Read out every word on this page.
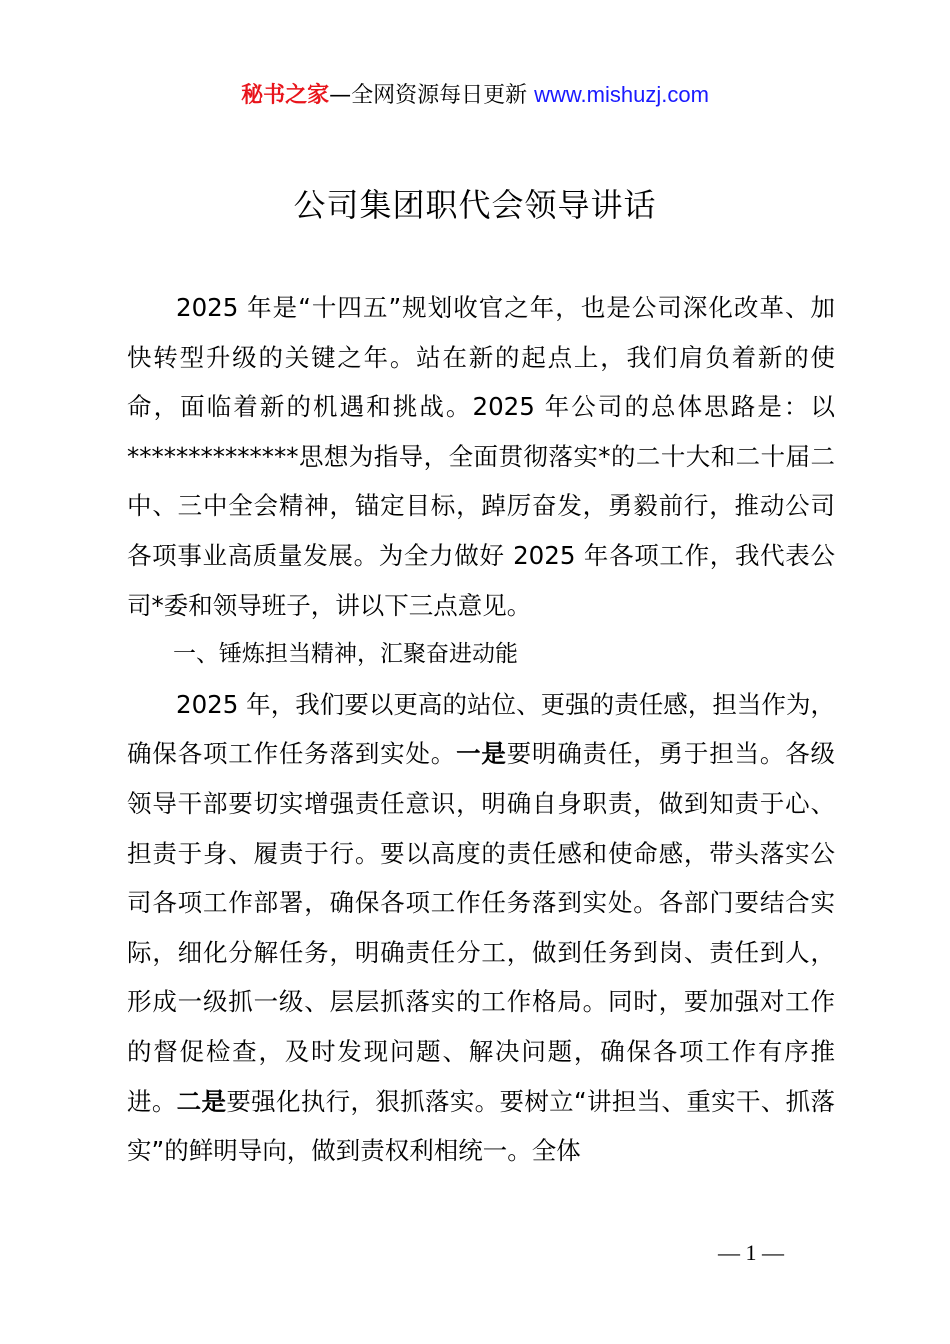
秘书之家—全网资源每日更新 www.mishuzj.com
公司集团职代会领导讲话

2025 年是“十四五”规划收官之年，也是公司深化改革、加快转型升级的关键之年。站在新的起点上，我们肩负着新的使命，面临着新的机遇和挑战。2025 年公司的总体思路是：以**************思想为指导，全面贯彻落实*的二十大和二十届二中、三中全会精神，锚定目标，踔厉奋发，勇毅前行，推动公司各项事业高质量发展。为全力做好 2025 年各项工作，我代表公司*委和领导班子，讲以下三点意见。

一、锤炼担当精神，汇聚奋进动能

2025 年，我们要以更高的站位、更强的责任感，担当作为，确保各项工作任务落到实处。一是要明确责任，勇于担当。各级领导干部要切实增强责任意识，明确自身职责，做到知责于心、担责于身、履责于行。要以高度的责任感和使命感，带头落实公司各项工作部署，确保各项工作任务落到实处。各部门要结合实际，细化分解任务，明确责任分工，做到任务到岗、责任到人，形成一级抓一级、层层抓落实的工作格局。同时，要加强对工作的督促检查，及时发现问题、解决问题，确保各项工作有序推进。二是要强化执行，狠抓落实。要树立“讲担当、重实干、抓落实”的鲜明导向，做到责权利相统一。全体

— 1 —
